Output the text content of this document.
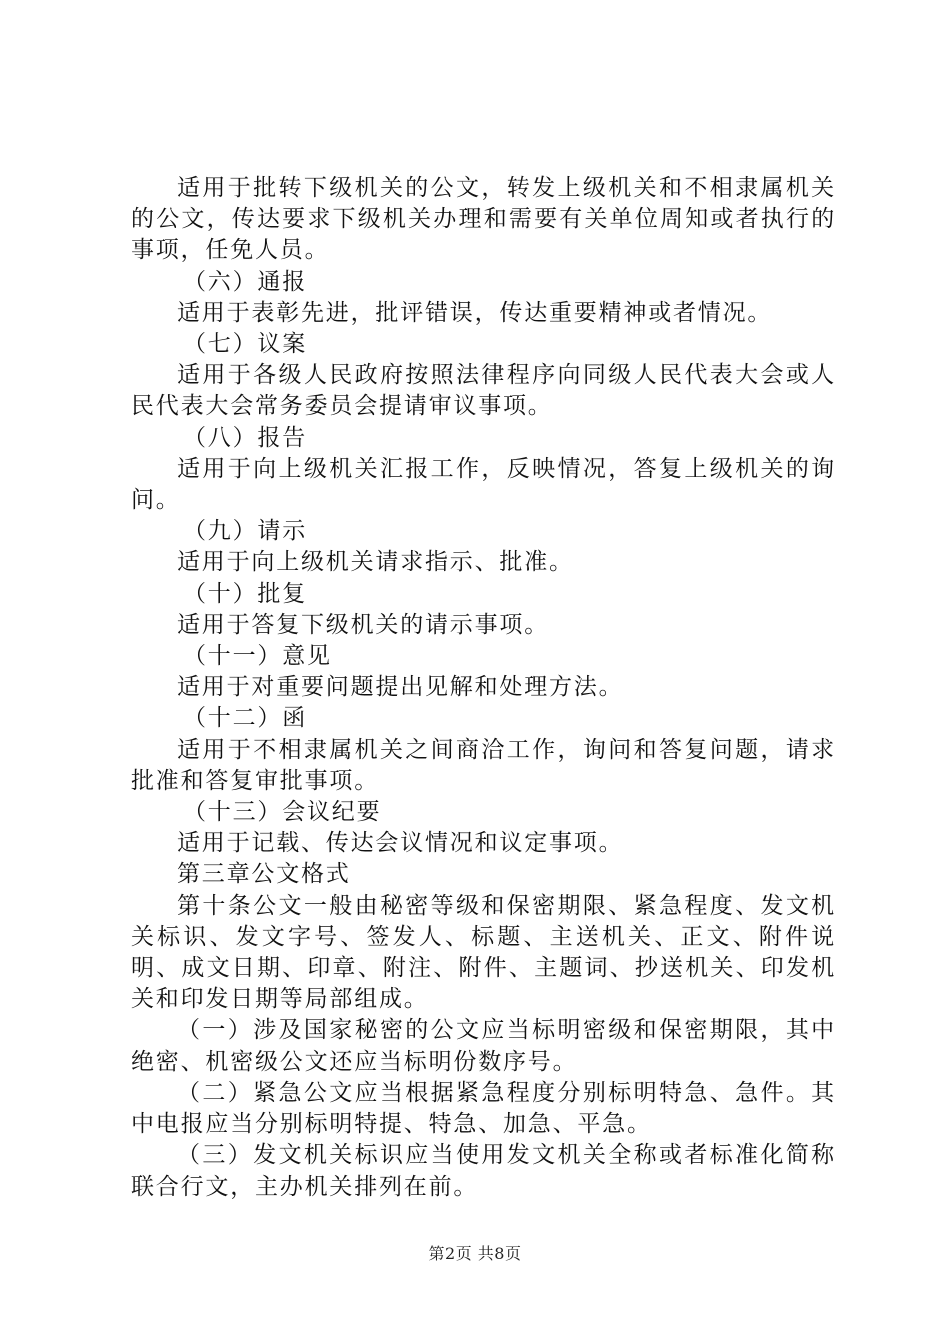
适用于批转下级机关的公文，转发上级机关和不相隶属机关的公文，传达要求下级机关办理和需要有关单位周知或者执行的事项，任免人员。

（六）通报

适用于表彰先进，批评错误，传达重要精神或者情况。

（七）议案

适用于各级人民政府按照法律程序向同级人民代表大会或人民代表大会常务委员会提请审议事项。

（八）报告

适用于向上级机关汇报工作，反映情况，答复上级机关的询问。

（九）请示

适用于向上级机关请求指示、批准。

（十）批复

适用于答复下级机关的请示事项。

（十一）意见

适用于对重要问题提出见解和处理方法。

（十二）函

适用于不相隶属机关之间商洽工作，询问和答复问题，请求批准和答复审批事项。

（十三）会议纪要

适用于记载、传达会议情况和议定事项。

第三章公文格式

第十条公文一般由秘密等级和保密期限、紧急程度、发文机关标识、发文字号、签发人、标题、主送机关、正文、附件说明、成文日期、印章、附注、附件、主题词、抄送机关、印发机关和印发日期等局部组成。

（一）涉及国家秘密的公文应当标明密级和保密期限，其中绝密、机密级公文还应当标明份数序号。

（二）紧急公文应当根据紧急程度分别标明特急、急件。其中电报应当分别标明特提、特急、加急、平急。

（三）发文机关标识应当使用发文机关全称或者标准化简称联合行文，主办机关排列在前。

第2页 共8页
